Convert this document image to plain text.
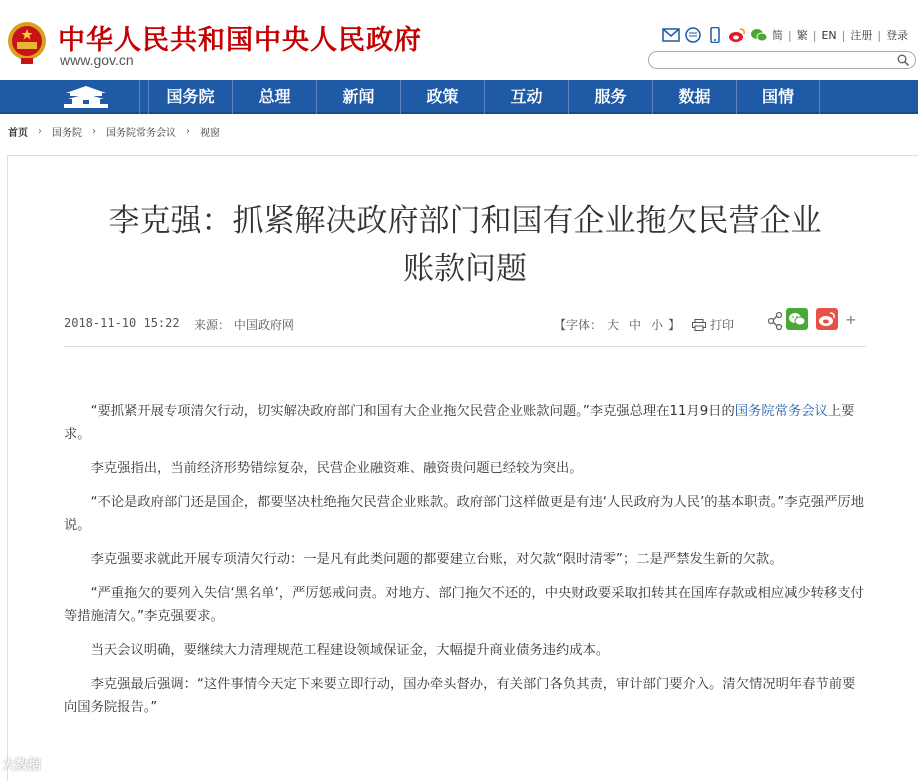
中华人民共和国中央人民政府
www.gov.cn
简 | 繁 | EN | 注册 | 登录
国务院	总理	新闻	政策	互动	服务	数据	国情
首页 › 国务院 › 国务院常务会议 › 视窗
李克强：抓紧解决政府部门和国有企业拖欠民营企业
账款问题
2018-11-10 15:22 来源： 中国政府网	【字体： 大 中 小 】	打印	+

“要抓紧开展专项清欠行动，切实解决政府部门和国有大企业拖欠民营企业账款问题。”李克强总理在11月9日的国务院常务会议上要求。

李克强指出，当前经济形势错综复杂，民营企业融资难、融资贵问题已经较为突出。

“不论是政府部门还是国企，都要坚决杜绝拖欠民营企业账款。政府部门这样做更是有违‘人民政府为人民’的基本职责。”李克强严厉地说。

李克强要求就此开展专项清欠行动：一是凡有此类问题的都要建立台账，对欠款“限时清零”；二是严禁发生新的欠款。

“严重拖欠的要列入失信‘黑名单’，严厉惩戒问责。对地方、部门拖欠不还的，中央财政要采取扣转其在国库存款或相应减少转移支付等措施清欠。”李克强要求。

当天会议明确，要继续大力清理规范工程建设领域保证金，大幅提升商业债务违约成本。

李克强最后强调：“这件事情今天定下来要立即行动，国办牵头督办，有关部门各负其责，审计部门要介入。清欠情况明年春节前要向国务院报告。”

大数据
